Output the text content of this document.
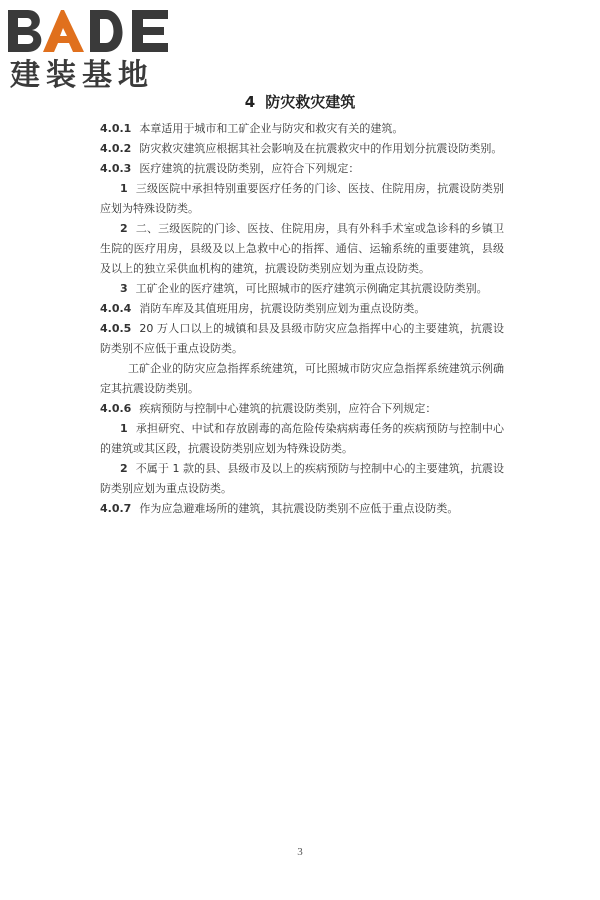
建装基地
4 防灾救灾建筑

4.0.1 本章适用于城市和工矿企业与防灾和救灾有关的建筑。

4.0.2 防灾救灾建筑应根据其社会影响及在抗震救灾中的作用划分抗震设防类别。

4.0.3 医疗建筑的抗震设防类别，应符合下列规定：

1 三级医院中承担特别重要医疗任务的门诊、医技、住院用房，抗震设防类别应划为特殊设防类。

2 二、三级医院的门诊、医技、住院用房，具有外科手术室或急诊科的乡镇卫生院的医疗用房，县级及以上急救中心的指挥、通信、运输系统的重要建筑，县级及以上的独立采供血机构的建筑，抗震设防类别应划为重点设防类。

3 工矿企业的医疗建筑，可比照城市的医疗建筑示例确定其抗震设防类别。

4.0.4 消防车库及其值班用房，抗震设防类别应划为重点设防类。

4.0.5 20 万人口以上的城镇和县及县级市防灾应急指挥中心的主要建筑，抗震设防类别不应低于重点设防类。

工矿企业的防灾应急指挥系统建筑，可比照城市防灾应急指挥系统建筑示例确定其抗震设防类别。

4.0.6 疾病预防与控制中心建筑的抗震设防类别，应符合下列规定：

1 承担研究、中试和存放剧毒的高危险传染病病毒任务的疾病预防与控制中心的建筑或其区段，抗震设防类别应划为特殊设防类。

2 不属于 1 款的县、县级市及以上的疾病预防与控制中心的主要建筑，抗震设防类别应划为重点设防类。

4.0.7 作为应急避难场所的建筑，其抗震设防类别不应低于重点设防类。

3
